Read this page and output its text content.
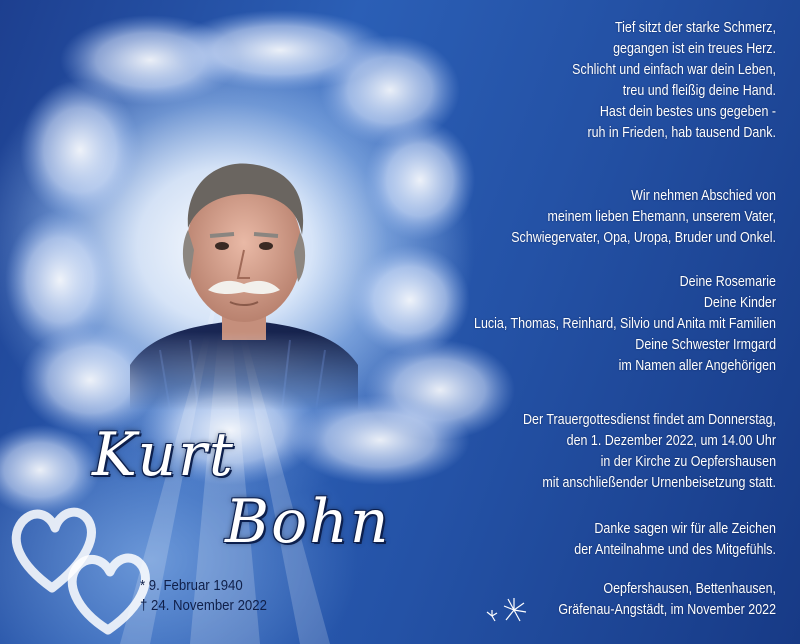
Kurt
Bohn
* 9. Februar 1940
† 24. November 2022
Tief sitzt der starke Schmerz,
gegangen ist ein treues Herz.
Schlicht und einfach war dein Leben,
treu und fleißig deine Hand.
Hast dein bestes uns gegeben -
ruh in Frieden, hab tausend Dank.
Wir nehmen Abschied von
meinem lieben Ehemann, unserem Vater,
Schwiegervater, Opa, Uropa, Bruder und Onkel.
Deine Rosemarie
Deine Kinder
Lucia, Thomas, Reinhard, Silvio und Anita mit Familien
Deine Schwester Irmgard
im Namen aller Angehörigen
Der Trauergottesdienst findet am Donnerstag,
den 1. Dezember 2022, um 14.00 Uhr
in der Kirche zu Oepfershausen
mit anschließender Urnenbeisetzung statt.
Danke sagen wir für alle Zeichen
der Anteilnahme und des Mitgefühls.
Oepfershausen, Bettenhausen,
Gräfenau-Angstädt, im November 2022
